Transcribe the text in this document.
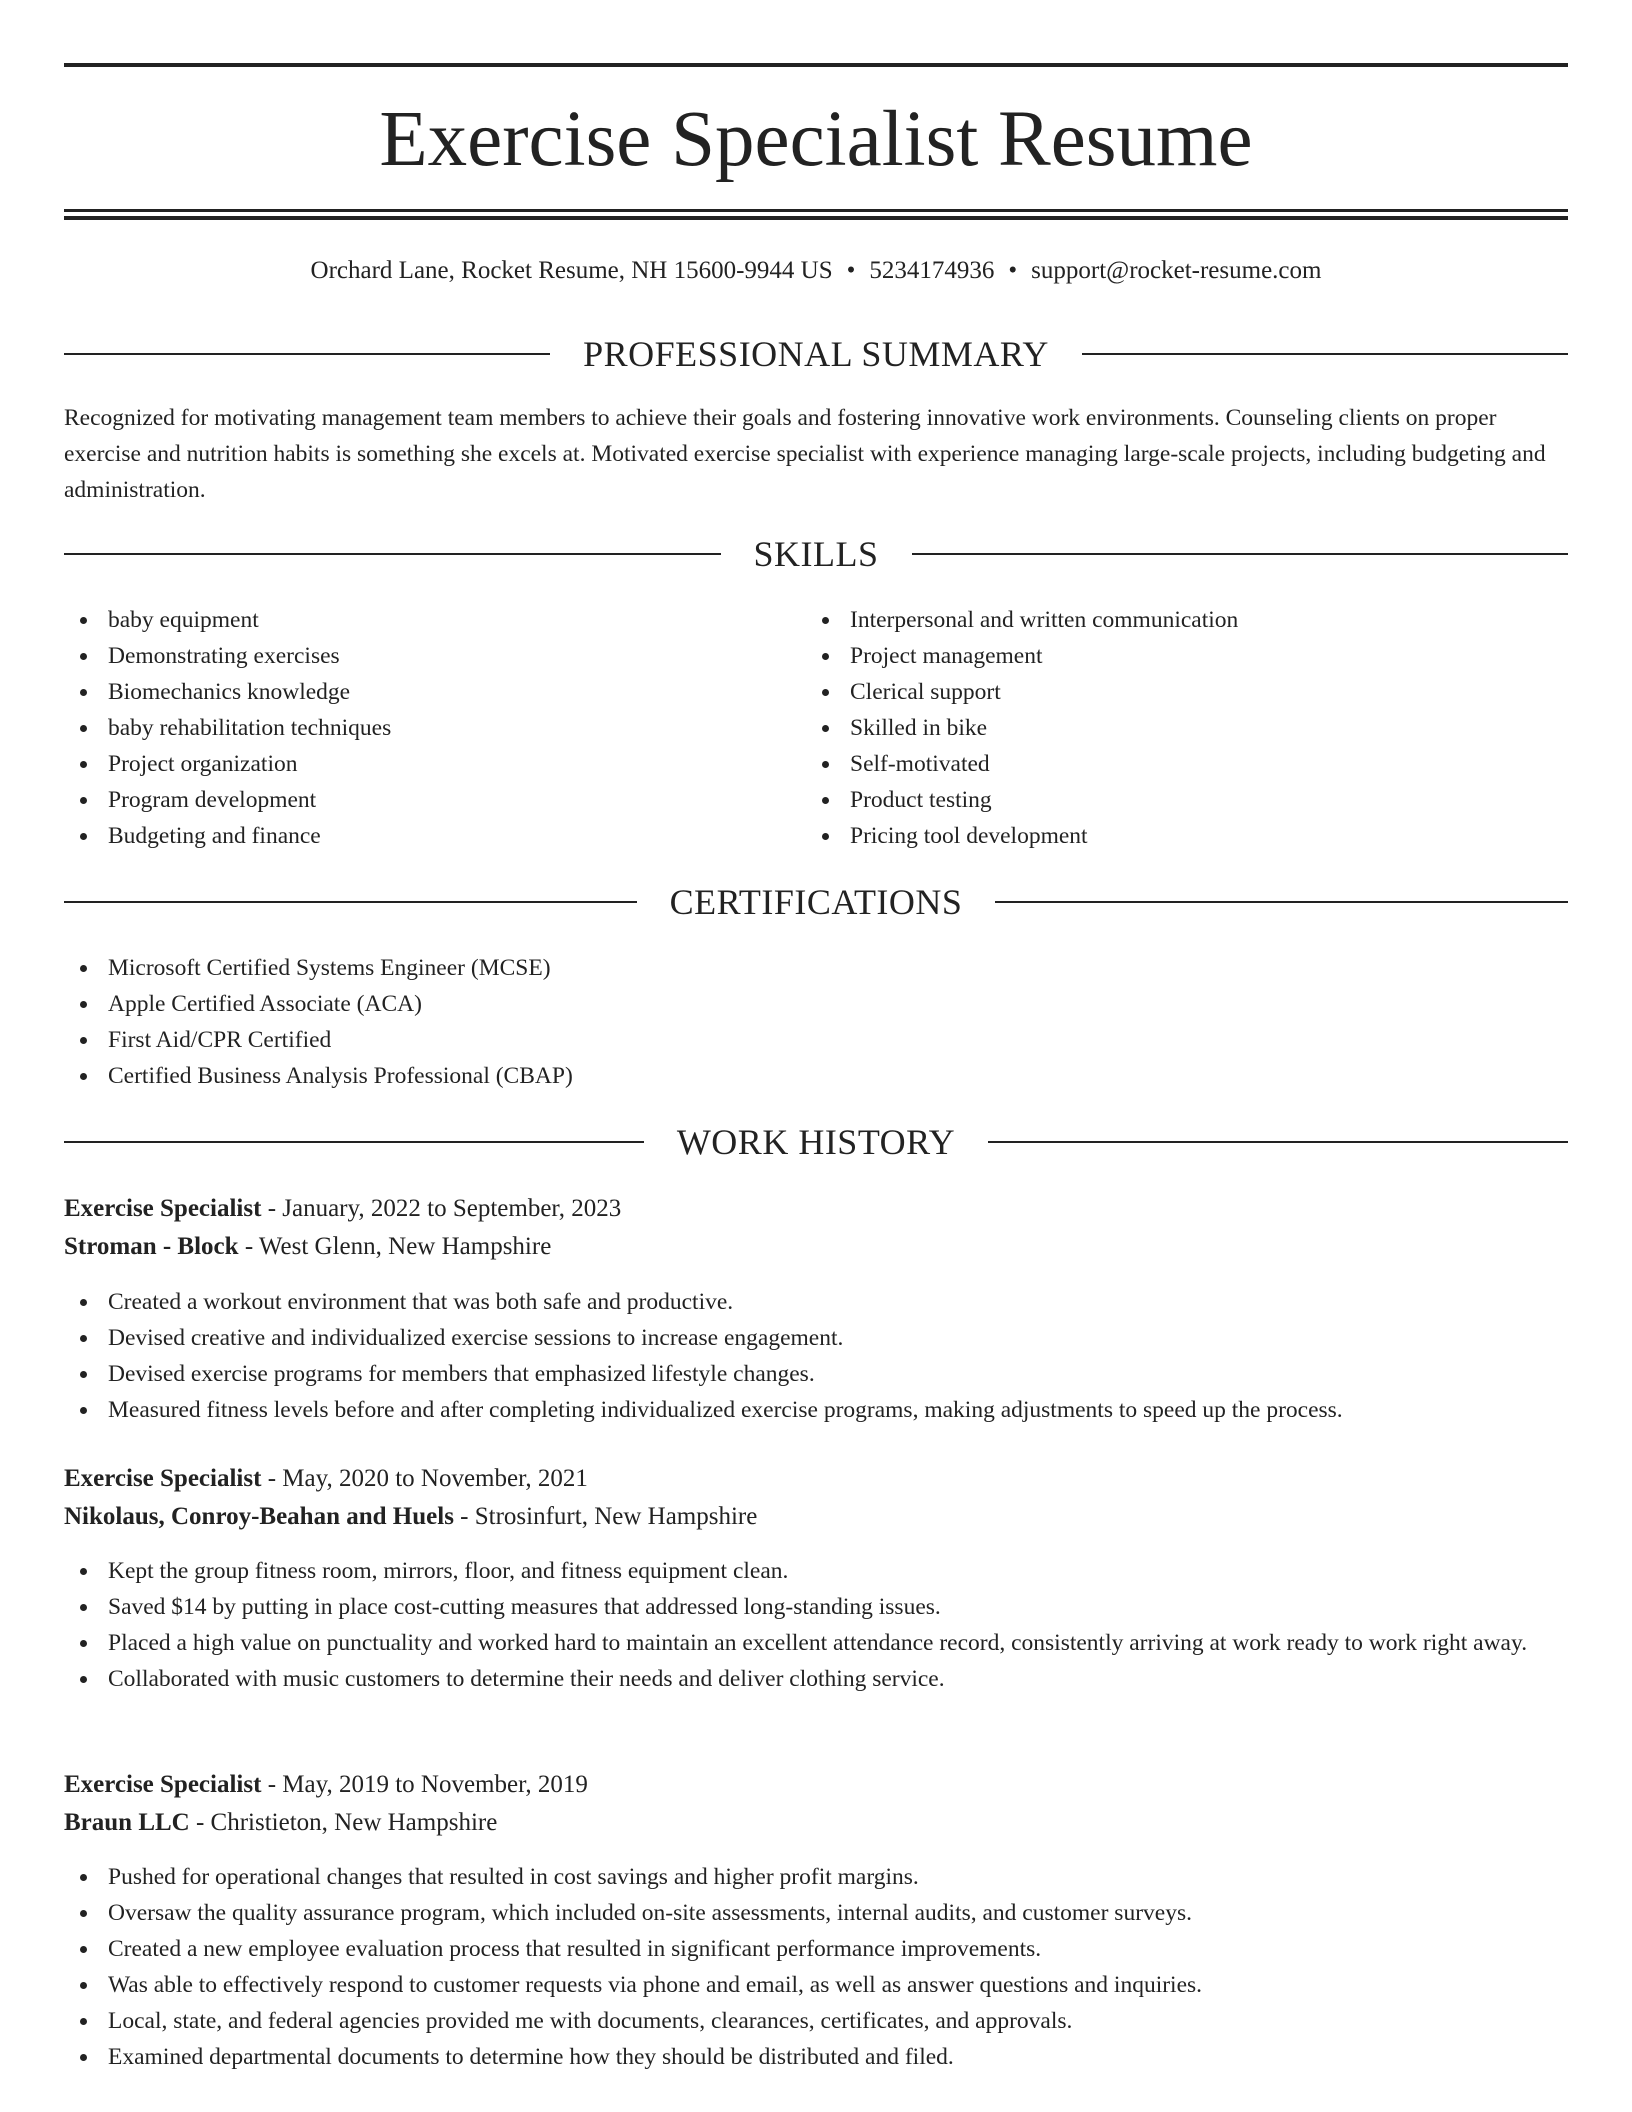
Exercise Specialist Resume
Orchard Lane, Rocket Resume, NH 15600-9944 US • 5234174936 • support@rocket-resume.com
PROFESSIONAL SUMMARY

Recognized for motivating management team members to achieve their goals and fostering innovative work environments. Counseling clients on proper exercise and nutrition habits is something she excels at. Motivated exercise specialist with experience managing large-scale projects, including budgeting and administration.

SKILLS
baby equipment
Demonstrating exercises
Biomechanics knowledge
baby rehabilitation techniques
Project organization
Program development
Budgeting and finance
Interpersonal and written communication
Project management
Clerical support
Skilled in bike
Self-motivated
Product testing
Pricing tool development
CERTIFICATIONS
Microsoft Certified Systems Engineer (MCSE)
Apple Certified Associate (ACA)
First Aid/CPR Certified
Certified Business Analysis Professional (CBAP)
WORK HISTORY
Exercise Specialist - January, 2022 to September, 2023
Stroman - Block - West Glenn, New Hampshire
Created a workout environment that was both safe and productive.
Devised creative and individualized exercise sessions to increase engagement.
Devised exercise programs for members that emphasized lifestyle changes.
Measured fitness levels before and after completing individualized exercise programs, making adjustments to speed up the process.
Exercise Specialist - May, 2020 to November, 2021
Nikolaus, Conroy-Beahan and Huels - Strosinfurt, New Hampshire
Kept the group fitness room, mirrors, floor, and fitness equipment clean.
Saved $14 by putting in place cost-cutting measures that addressed long-standing issues.
Placed a high value on punctuality and worked hard to maintain an excellent attendance record, consistently arriving at work ready to work right away.
Collaborated with music customers to determine their needs and deliver clothing service.
Exercise Specialist - May, 2019 to November, 2019
Braun LLC - Christieton, New Hampshire
Pushed for operational changes that resulted in cost savings and higher profit margins.
Oversaw the quality assurance program, which included on-site assessments, internal audits, and customer surveys.
Created a new employee evaluation process that resulted in significant performance improvements.
Was able to effectively respond to customer requests via phone and email, as well as answer questions and inquiries.
Local, state, and federal agencies provided me with documents, clearances, certificates, and approvals.
Examined departmental documents to determine how they should be distributed and filed.
